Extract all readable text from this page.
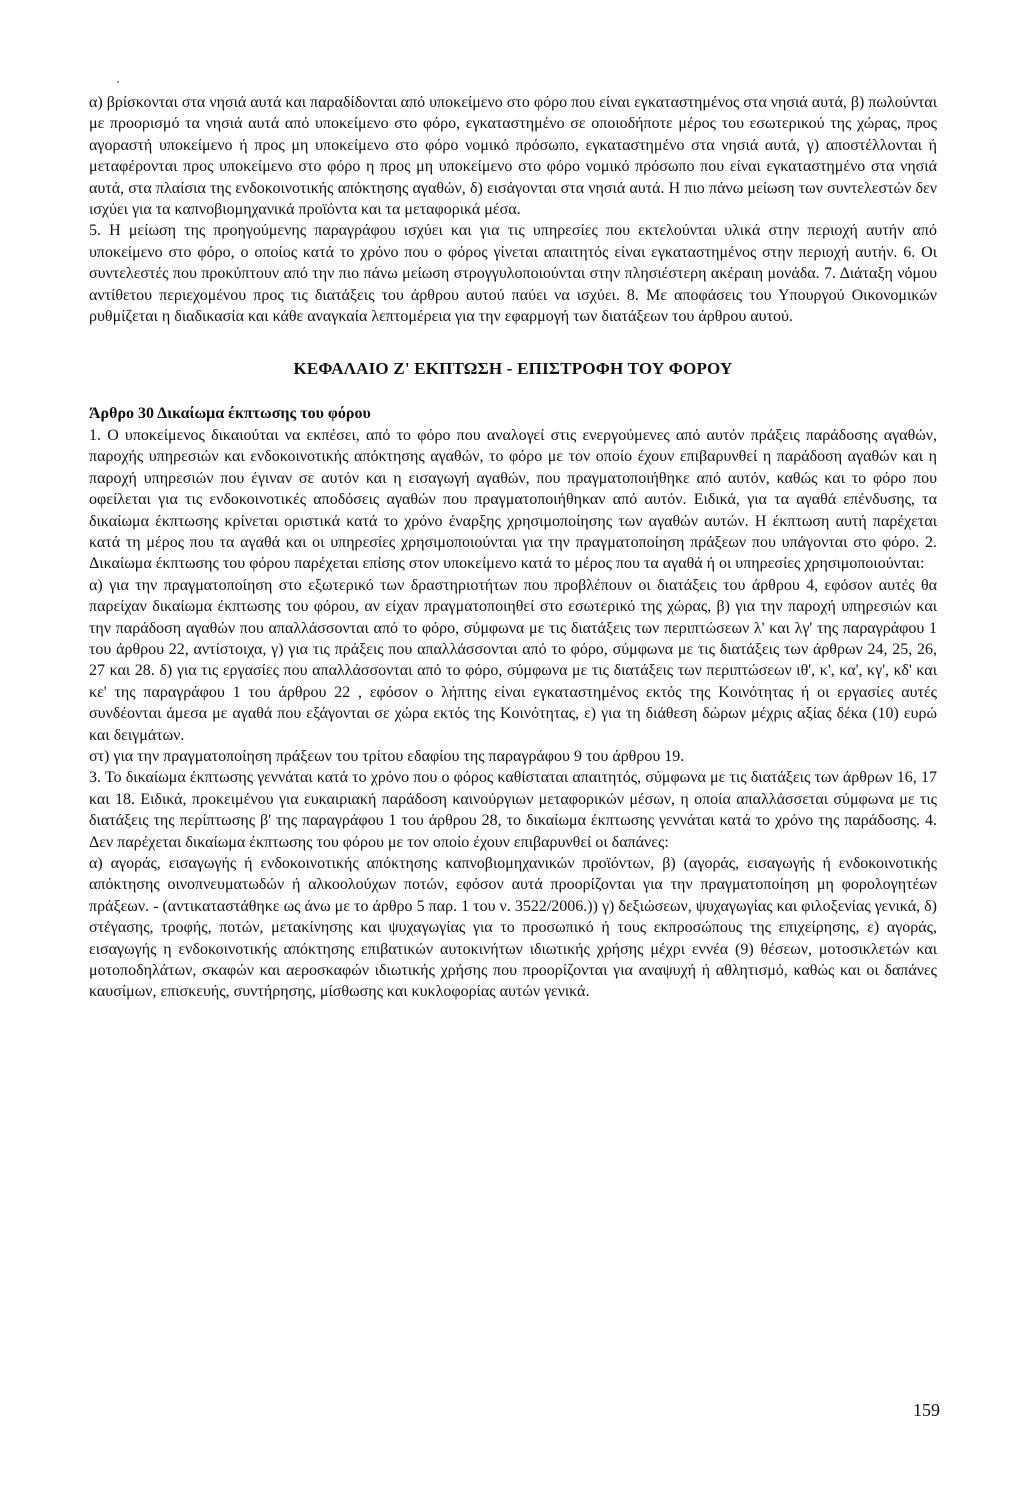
α) βρίσκονται στα νησιά αυτά και παραδίδονται από υποκείμενο στο φόρο που είναι εγκαταστημένος στα νησιά αυτά, β) πωλούνται με προορισμό τα νησιά αυτά από υποκείμενο στο φόρο, εγκαταστημένο σε οποιοδήποτε μέρος του εσωτερικού της χώρας, προς αγοραστή υποκείμενο ή προς μη υποκείμενο στο φόρο νομικό πρόσωπο, εγκαταστημένο στα νησιά αυτά, γ) αποστέλλονται ή μεταφέρονται προς υποκείμενο στο φόρο η προς μη υποκείμενο στο φόρο νομικό πρόσωπο που είναι εγκαταστημένο στα νησιά αυτά, στα πλαίσια της ενδοκοινοτικής απόκτησης αγαθών, δ) εισάγονται στα νησιά αυτά. Η πιο πάνω μείωση των συντελεστών δεν ισχύει για τα καπνοβιομηχανικά προϊόντα και τα μεταφορικά μέσα.

5. Η μείωση της προηγούμενης παραγράφου ισχύει και για τις υπηρεσίες που εκτελούνται υλικά στην περιοχή αυτήν από υποκείμενο στο φόρο, ο οποίος κατά το χρόνο που ο φόρος γίνεται απαιτητός είναι εγκαταστημένος στην περιοχή αυτήν. 6. Οι συντελεστές που προκύπτουν από την πιο πάνω μείωση στρογγυλοποιούνται στην πλησιέστερη ακέραιη μονάδα. 7. Διάταξη νόμου αντίθετου περιεχομένου προς τις διατάξεις του άρθρου αυτού παύει να ισχύει. 8. Με αποφάσεις του Υπουργού Οικονομικών ρυθμίζεται η διαδικασία και κάθε αναγκαία λεπτομέρεια για την εφαρμογή των διατάξεων του άρθρου αυτού.

ΚΕΦΑΛΑΙΟ Ζ' ΕΚΠΤΩΣΗ - ΕΠΙΣΤΡΟΦΗ ΤΟΥ ΦΟΡΟΥ
Άρθρο 30 Δικαίωμα έκπτωσης του φόρου

1. Ο υποκείμενος δικαιούται να εκπέσει, από το φόρο που αναλογεί στις ενεργούμενες από αυτόν πράξεις παράδοσης αγαθών, παροχής υπηρεσιών και ενδοκοινοτικής απόκτησης αγαθών, το φόρο με τον οποίο έχουν επιβαρυνθεί η παράδοση αγαθών και η παροχή υπηρεσιών που έγιναν σε αυτόν και η εισαγωγή αγαθών, που πραγματοποιήθηκε από αυτόν, καθώς και το φόρο που οφείλεται για τις ενδοκοινοτικές αποδόσεις αγαθών που πραγματοποιήθηκαν από αυτόν. Ειδικά, για τα αγαθά επένδυσης, τα δικαίωμα έκπτωσης κρίνεται οριστικά κατά το χρόνο έναρξης χρησιμοποίησης των αγαθών αυτών. Η έκπτωση αυτή παρέχεται κατά τη μέρος που τα αγαθά και οι υπηρεσίες χρησιμοποιούνται για την πραγματοποίηση πράξεων που υπάγονται στο φόρο. 2. Δικαίωμα έκπτωσης του φόρου παρέχεται επίσης στον υποκείμενο κατά το μέρος που τα αγαθά ή οι υπηρεσίες χρησιμοποιούνται:

α) για την πραγματοποίηση στο εξωτερικό των δραστηριοτήτων που προβλέπουν οι διατάξεις του άρθρου 4, εφόσον αυτές θα παρείχαν δικαίωμα έκπτωσης του φόρου, αν είχαν πραγματοποιηθεί στο εσωτερικό της χώρας, β) για την παροχή υπηρεσιών και την παράδοση αγαθών που απαλλάσσονται από το φόρο, σύμφωνα με τις διατάξεις των περιπτώσεων λ' και λγ' της παραγράφου 1 του άρθρου 22, αντίστοιχα, γ) για τις πράξεις που απαλλάσσονται από το φόρο, σύμφωνα με τις διατάξεις των άρθρων 24, 25, 26, 27 και 28. δ) για τις εργασίες που απαλλάσσονται από το φόρο, σύμφωνα με τις διατάξεις των περιπτώσεων ιθ', κ', κα', κγ', κδ' και κε' της παραγράφου 1 του άρθρου 22 , εφόσον ο λήπτης είναι εγκαταστημένος εκτός της Κοινότητας ή οι εργασίες αυτές συνδέονται άμεσα με αγαθά που εξάγονται σε χώρα εκτός της Κοινότητας, ε) για τη διάθεση δώρων μέχρις αξίας δέκα (10) ευρώ και δειγμάτων.

στ) για την πραγματοποίηση πράξεων του τρίτου εδαφίου της παραγράφου 9 του άρθρου 19.

3. Το δικαίωμα έκπτωσης γεννάται κατά το χρόνο που ο φόρος καθίσταται απαιτητός, σύμφωνα με τις διατάξεις των άρθρων 16, 17 και 18. Ειδικά, προκειμένου για ευκαιριακή παράδοση καινούργιων μεταφορικών μέσων, η οποία απαλλάσσεται σύμφωνα με τις διατάξεις της περίπτωσης β' της παραγράφου 1 του άρθρου 28, το δικαίωμα έκπτωσης γεννάται κατά το χρόνο της παράδοσης. 4. Δεν παρέχεται δικαίωμα έκπτωσης του φόρου με τον οποίο έχουν επιβαρυνθεί οι δαπάνες:

α) αγοράς, εισαγωγής ή ενδοκοινοτικής απόκτησης καπνοβιομηχανικών προϊόντων, β) (αγοράς, εισαγωγής ή ενδοκοινοτικής απόκτησης οινοπνευματωδών ή αλκοολούχων ποτών, εφόσον αυτά προορίζονται για την πραγματοποίηση μη φορολογητέων πράξεων. - (αντικαταστάθηκε ως άνω με το άρθρο 5 παρ. 1 του ν. 3522/2006.)) γ) δεξιώσεων, ψυχαγωγίας και φιλοξενίας γενικά, δ) στέγασης, τροφής, ποτών, μετακίνησης και ψυχαγωγίας για το προσωπικό ή τους εκπροσώπους της επιχείρησης, ε) αγοράς, εισαγωγής η ενδοκοινοτικής απόκτησης επιβατικών αυτοκινήτων ιδιωτικής χρήσης μέχρι εννέα (9) θέσεων, μοτοσικλετών και μοτοποδηλάτων, σκαφών και αεροσκαφών ιδιωτικής χρήσης που προορίζονται για αναψυχή ή αθλητισμό, καθώς και οι δαπάνες καυσίμων, επισκευής, συντήρησης, μίσθωσης και κυκλοφορίας αυτών γενικά.

159
